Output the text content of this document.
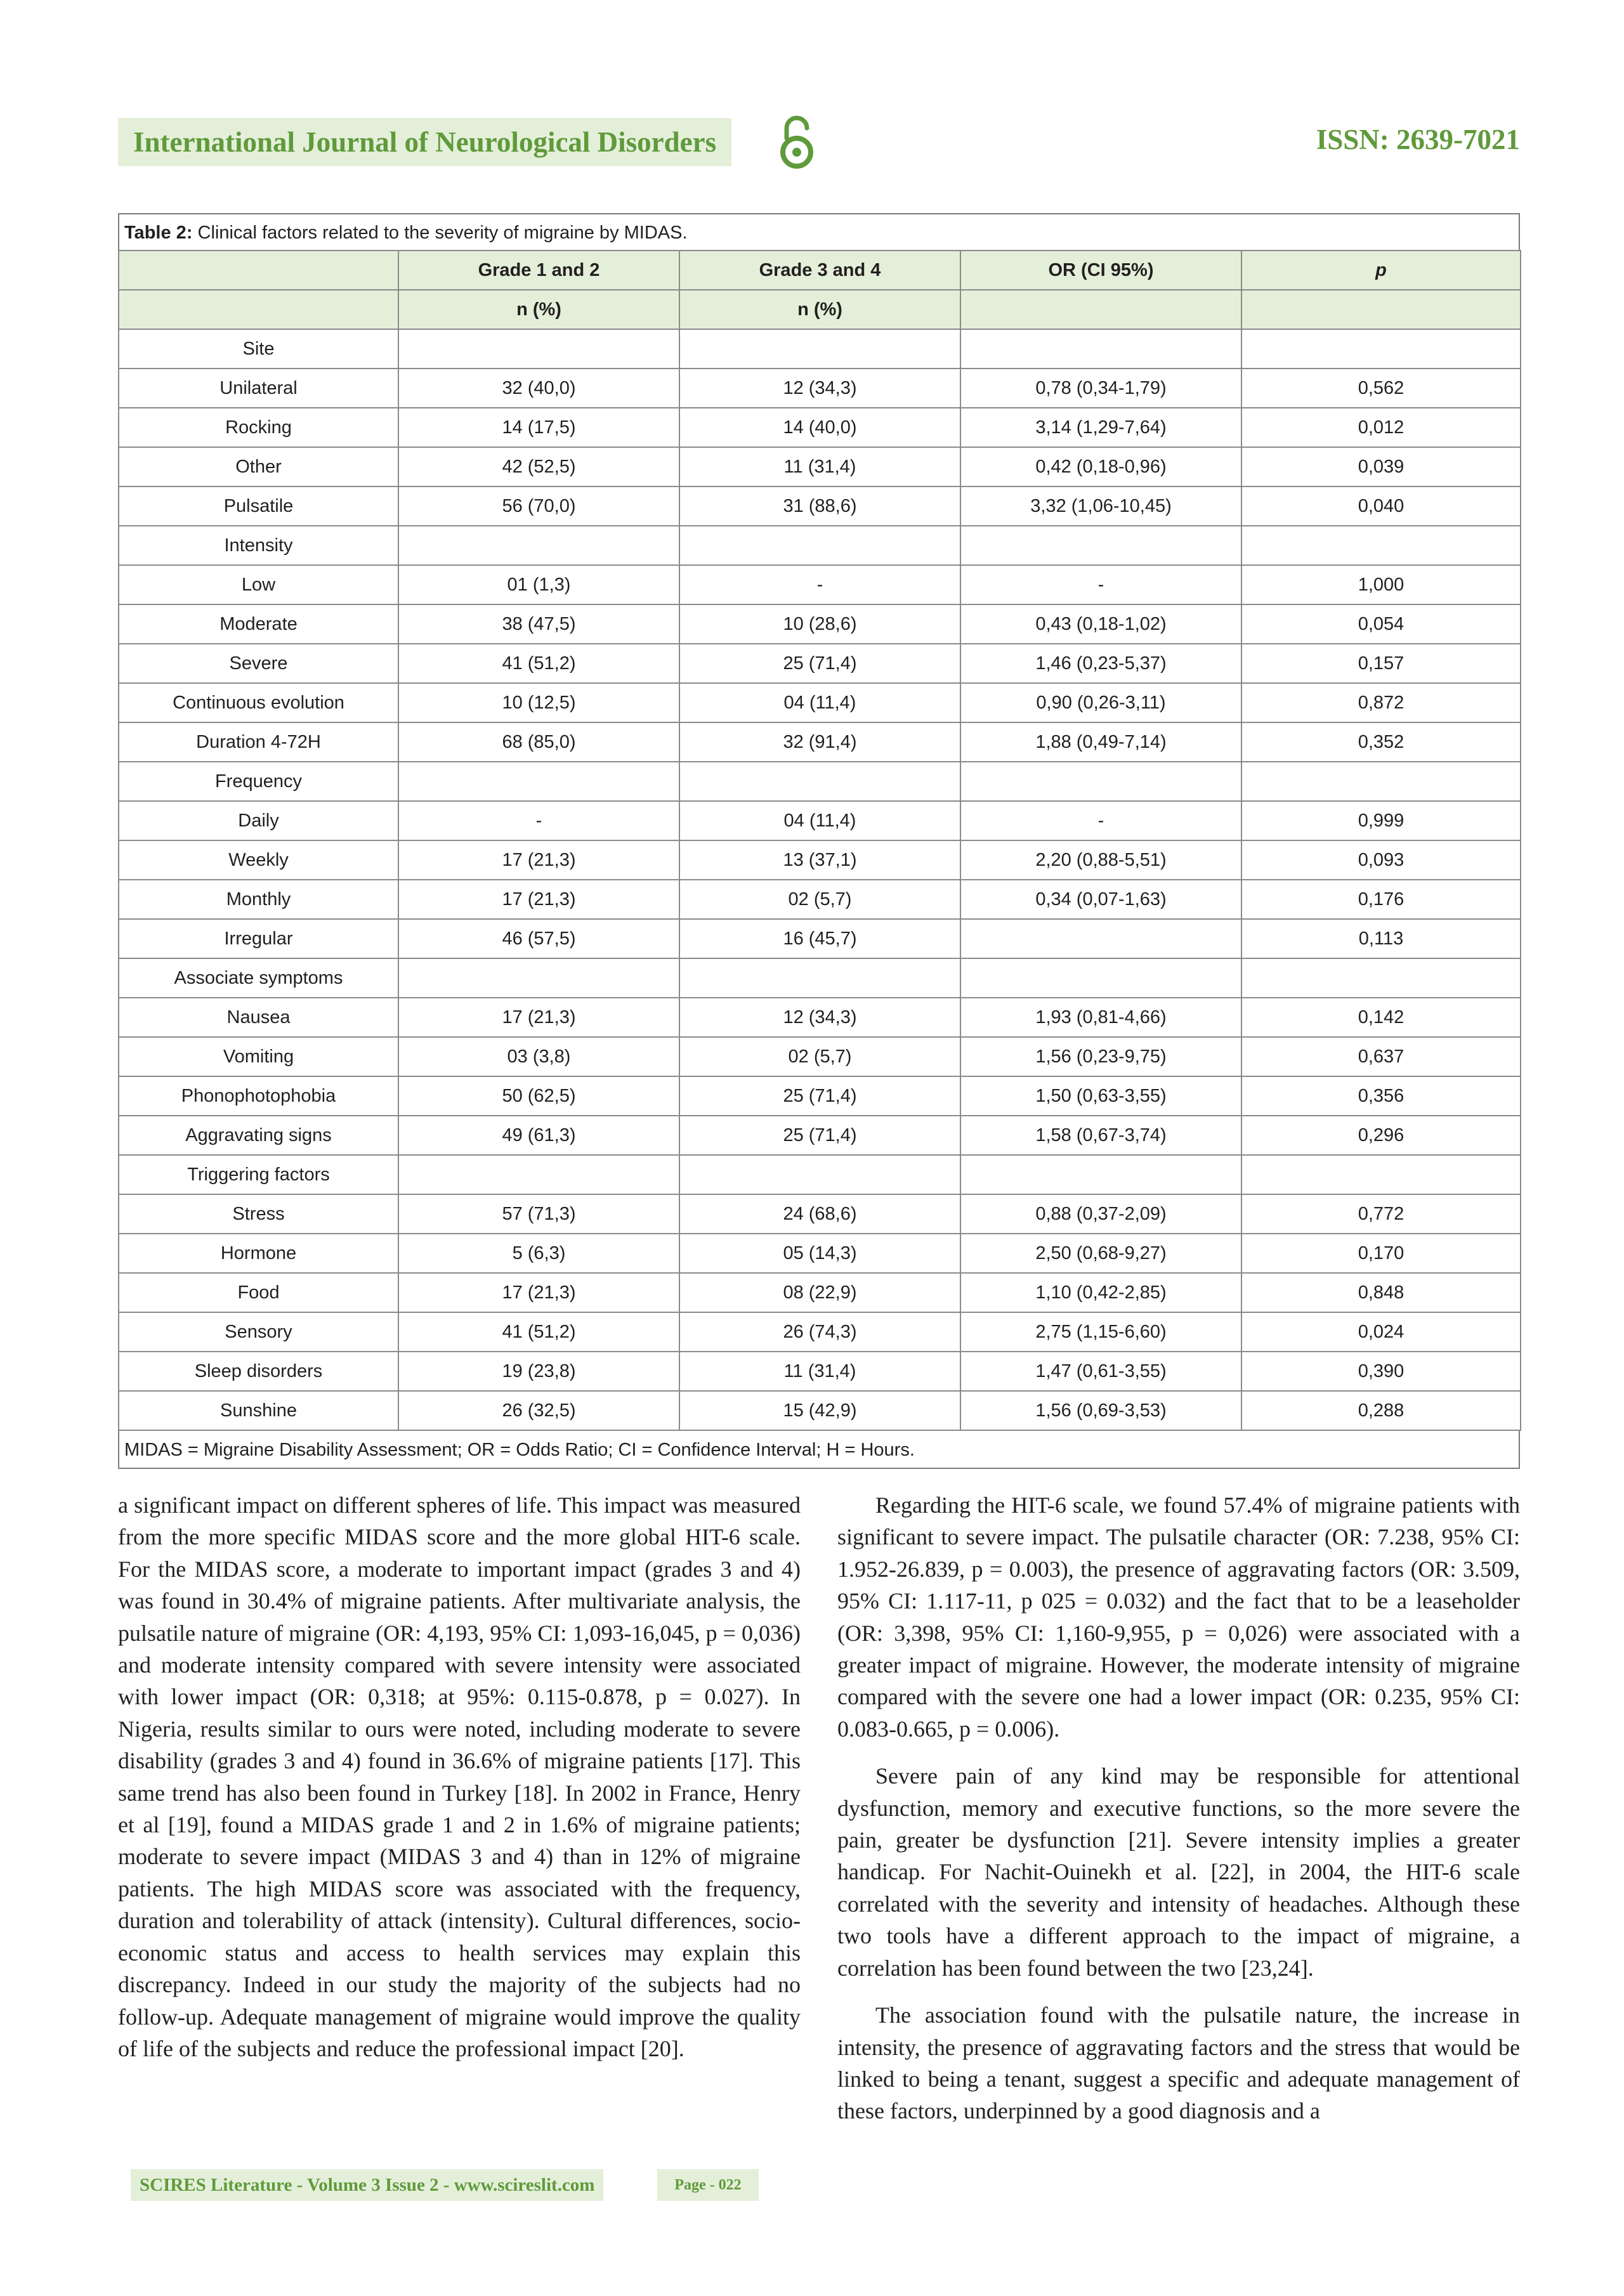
International Journal of Neurological Disorders	ISSN: 2639-7021
Table 2: Clinical factors related to the severity of migraine by MIDAS.
	Grade 1 and 2	Grade 3 and 4	OR (CI 95%)	p
	n (%)	n (%)		
Site				
Unilateral	32 (40,0)	12 (34,3)	0,78 (0,34-1,79)	0,562
Rocking	14 (17,5)	14 (40,0)	3,14 (1,29-7,64)	0,012
Other	42 (52,5)	11 (31,4)	0,42 (0,18-0,96)	0,039
Pulsatile	56 (70,0)	31 (88,6)	3,32 (1,06-10,45)	0,040
Intensity				
Low	01 (1,3)	-	-	1,000
Moderate	38 (47,5)	10 (28,6)	0,43 (0,18-1,02)	0,054
Severe	41 (51,2)	25 (71,4)	1,46 (0,23-5,37)	0,157
Continuous evolution	10 (12,5)	04 (11,4)	0,90 (0,26-3,11)	0,872
Duration 4-72H	68 (85,0)	32 (91,4)	1,88 (0,49-7,14)	0,352
Frequency				
Daily	-	04 (11,4)	-	0,999
Weekly	17 (21,3)	13 (37,1)	2,20 (0,88-5,51)	0,093
Monthly	17 (21,3)	02 (5,7)	0,34 (0,07-1,63)	0,176
Irregular	46 (57,5)	16 (45,7)		0,113
Associate symptoms				
Nausea	17 (21,3)	12 (34,3)	1,93 (0,81-4,66)	0,142
Vomiting	03 (3,8)	02 (5,7)	1,56 (0,23-9,75)	0,637
Phonophotophobia	50 (62,5)	25 (71,4)	1,50 (0,63-3,55)	0,356
Aggravating signs	49 (61,3)	25 (71,4)	1,58 (0,67-3,74)	0,296
Triggering factors				
Stress	57 (71,3)	24 (68,6)	0,88 (0,37-2,09)	0,772
Hormone	5 (6,3)	05 (14,3)	2,50 (0,68-9,27)	0,170
Food	17 (21,3)	08 (22,9)	1,10 (0,42-2,85)	0,848
Sensory	41 (51,2)	26 (74,3)	2,75 (1,15-6,60)	0,024
Sleep disorders	19 (23,8)	11 (31,4)	1,47 (0,61-3,55)	0,390
Sunshine	26 (32,5)	15 (42,9)	1,56 (0,69-3,53)	0,288
MIDAS = Migraine Disability Assessment; OR = Odds Ratio; CI = Confidence Interval; H = Hours.

a significant impact on different spheres of life. This impact was measured from the more specific MIDAS score and the more global HIT-6 scale. For the MIDAS score, a moderate to important impact (grades 3 and 4) was found in 30.4% of migraine patients. After multivariate analysis, the pulsatile nature of migraine (OR: 4,193, 95% CI: 1,093-16,045, p = 0,036) and moderate intensity compared with severe intensity were associated with lower impact (OR: 0,318; at 95%: 0.115-0.878, p = 0.027). In Nigeria, results similar to ours were noted, including moderate to severe disability (grades 3 and 4) found in 36.6% of migraine patients [17]. This same trend has also been found in Turkey [18]. In 2002 in France, Henry et al [19], found a MIDAS grade 1 and 2 in 1.6% of migraine patients; moderate to severe impact (MIDAS 3 and 4) than in 12% of migraine patients. The high MIDAS score was associated with the frequency, duration and tolerability of attack (intensity). Cultural differences, socio-economic status and access to health services may explain this discrepancy. Indeed in our study the majority of the subjects had no follow-up. Adequate management of migraine would improve the quality of life of the subjects and reduce the professional impact [20].

Regarding the HIT-6 scale, we found 57.4% of migraine patients with significant to severe impact. The pulsatile character (OR: 7.238, 95% CI: 1.952-26.839, p = 0.003), the presence of aggravating factors (OR: 3.509, 95% CI: 1.117-11, p 025 = 0.032) and the fact that to be a leaseholder (OR: 3,398, 95% CI: 1,160-9,955, p = 0,026) were associated with a greater impact of migraine. However, the moderate intensity of migraine compared with the severe one had a lower impact (OR: 0.235, 95% CI: 0.083-0.665, p = 0.006).

Severe pain of any kind may be responsible for attentional dysfunction, memory and executive functions, so the more severe the pain, greater be dysfunction [21]. Severe intensity implies a greater handicap. For Nachit-Ouinekh et al. [22], in 2004, the HIT-6 scale correlated with the severity and intensity of headaches. Although these two tools have a different approach to the impact of migraine, a correlation has been found between the two [23,24].

The association found with the pulsatile nature, the increase in intensity, the presence of aggravating factors and the stress that would be linked to being a tenant, suggest a specific and adequate management of these factors, underpinned by a good diagnosis and a

SCIRES Literature - Volume 3 Issue 2 - www.scireslit.com	Page - 022
